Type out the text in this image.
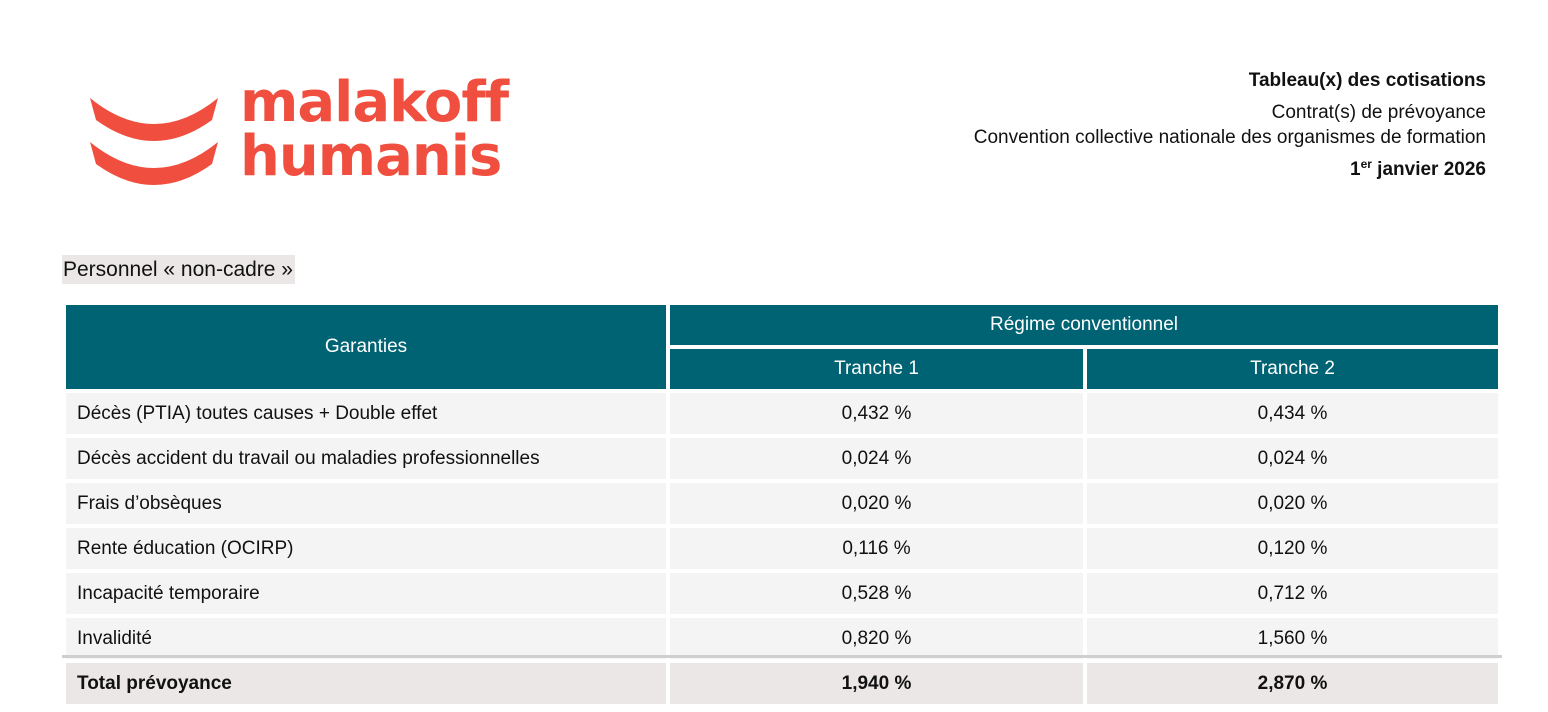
malakoff
humanis
Tableau(x) des cotisations
Contrat(s) de prévoyance
Convention collective nationale des organismes de formation
1er janvier 2026
Personnel « non-cadre »
Garanties	Régime conventionnel	
	Tranche 1	Tranche 2
Décès (PTIA) toutes causes + Double effet	0,432 %	0,434 %
Décès accident du travail ou maladies professionnelles	0,024 %	0,024 %
Frais d’obsèques	0,020 %	0,020 %
Rente éducation (OCIRP)	0,116 %	0,120 %
Incapacité temporaire	0,528 %	0,712 %
Invalidité	0,820 %	1,560 %
Total prévoyance	1,940 %	2,870 %
